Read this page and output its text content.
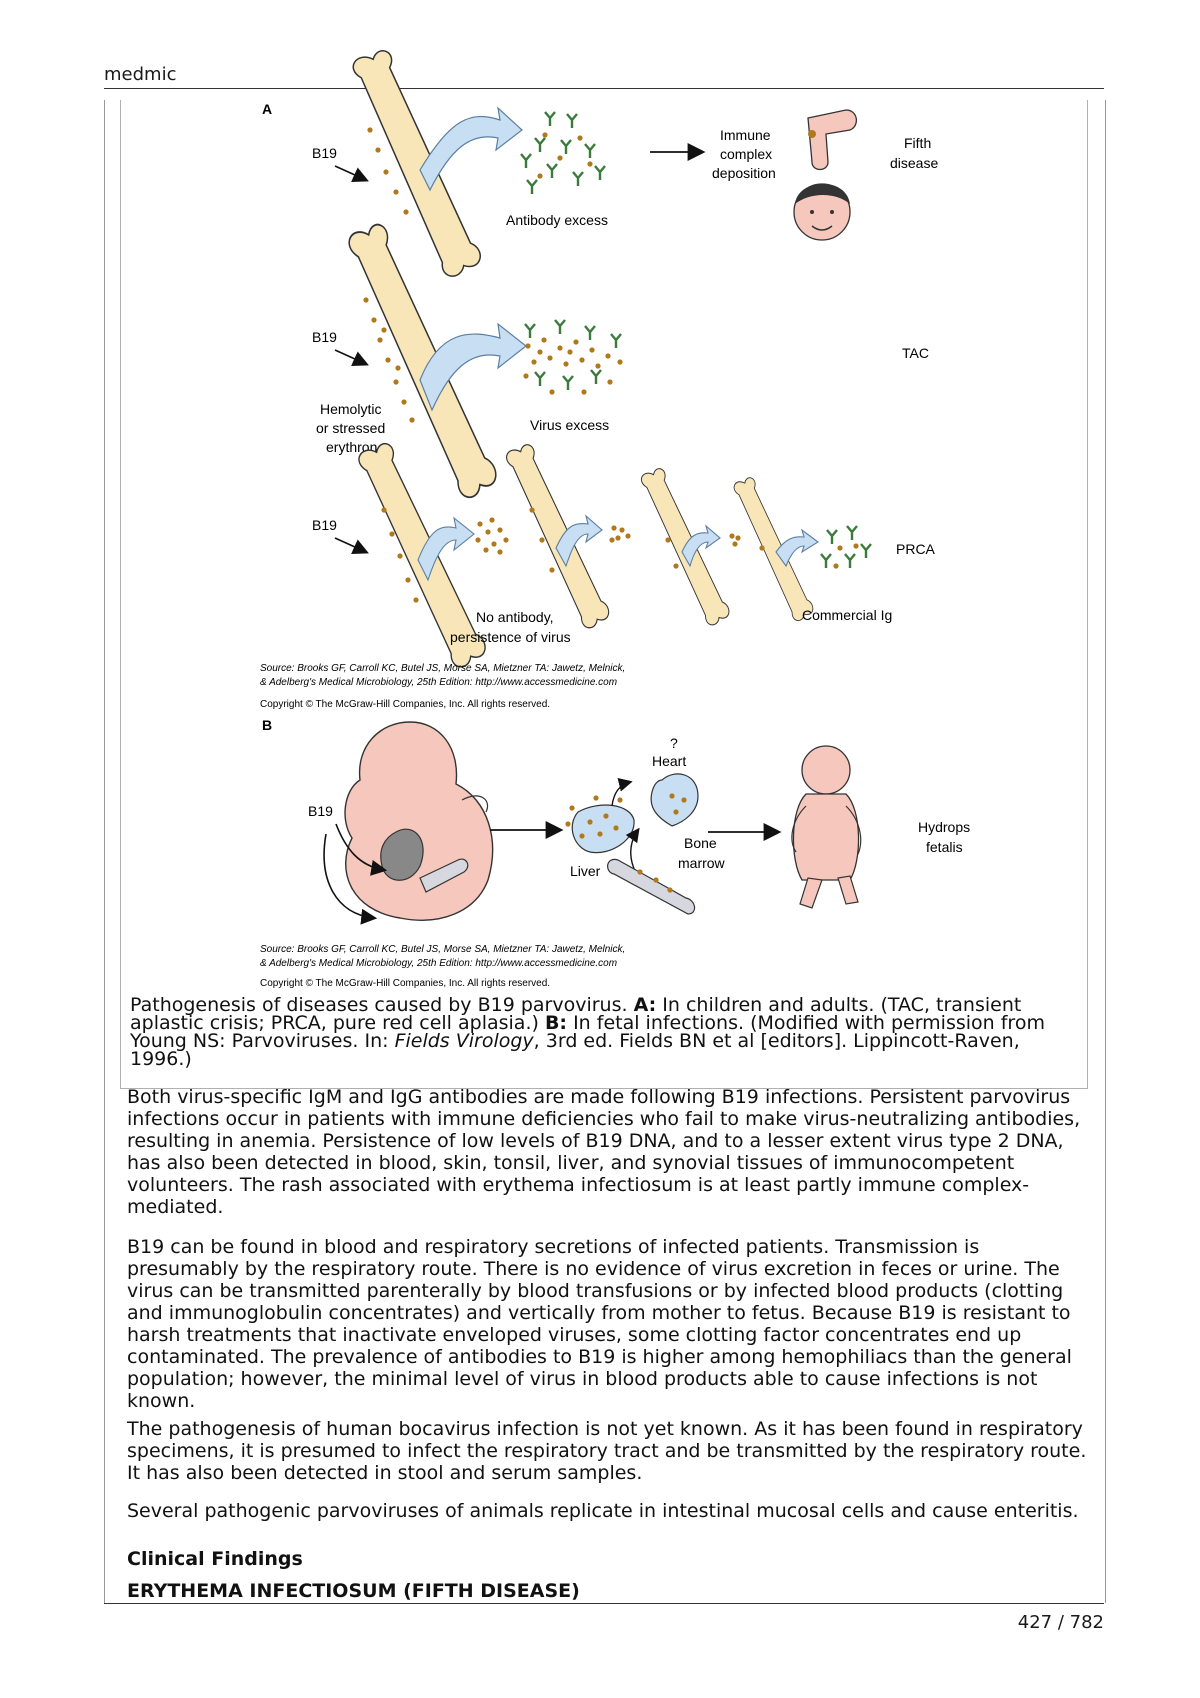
medmic
A
B19
Antibody excess
Immune
complex
deposition
Fifth
disease
B19
Virus excess
Hemolytic
or stressed
erythron
TAC
B19
PRCA
No antibody,
persistence of virus
Commercial Ig
Source: Brooks GF, Carroll KC, Butel JS, Morse SA, Mietzner TA: Jawetz, Melnick,
& Adelberg's Medical Microbiology, 25th Edition: http://www.accessmedicine.com
Copyright © The McGraw-Hill Companies, Inc. All rights reserved.
B
B19
Liver
?
Heart
Bone
marrow
Hydrops
fetalis
Source: Brooks GF, Carroll KC, Butel JS, Morse SA, Mietzner TA: Jawetz, Melnick,
& Adelberg's Medical Microbiology, 25th Edition: http://www.accessmedicine.com
Copyright © The McGraw-Hill Companies, Inc. All rights reserved.
Pathogenesis of diseases caused by B19 parvovirus. A: In children and adults. (TAC, transient aplastic crisis; PRCA, pure red cell aplasia.) B: In fetal infections. (Modified with permission from Young NS: Parvoviruses. In: Fields Virology, 3rd ed. Fields BN et al [editors]. Lippincott-Raven, 1996.)

Both virus-specific IgM and IgG antibodies are made following B19 infections. Persistent parvovirus infections occur in patients with immune deficiencies who fail to make virus-neutralizing antibodies, resulting in anemia. Persistence of low levels of B19 DNA, and to a lesser extent virus type 2 DNA, has also been detected in blood, skin, tonsil, liver, and synovial tissues of immunocompetent volunteers. The rash associated with erythema infectiosum is at least partly immune complex-mediated.

B19 can be found in blood and respiratory secretions of infected patients. Transmission is presumably by the respiratory route. There is no evidence of virus excretion in feces or urine. The virus can be transmitted parenterally by blood transfusions or by infected blood products (clotting and immunoglobulin concentrates) and vertically from mother to fetus. Because B19 is resistant to harsh treatments that inactivate enveloped viruses, some clotting factor concentrates end up contaminated. The prevalence of antibodies to B19 is higher among hemophiliacs than the general population; however, the minimal level of virus in blood products able to cause infections is not known.

The pathogenesis of human bocavirus infection is not yet known. As it has been found in respiratory specimens, it is presumed to infect the respiratory tract and be transmitted by the respiratory route. It has also been detected in stool and serum samples.

Several pathogenic parvoviruses of animals replicate in intestinal mucosal cells and cause enteritis.

Clinical Findings
ERYTHEMA INFECTIOSUM (FIFTH DISEASE)
427 / 782
